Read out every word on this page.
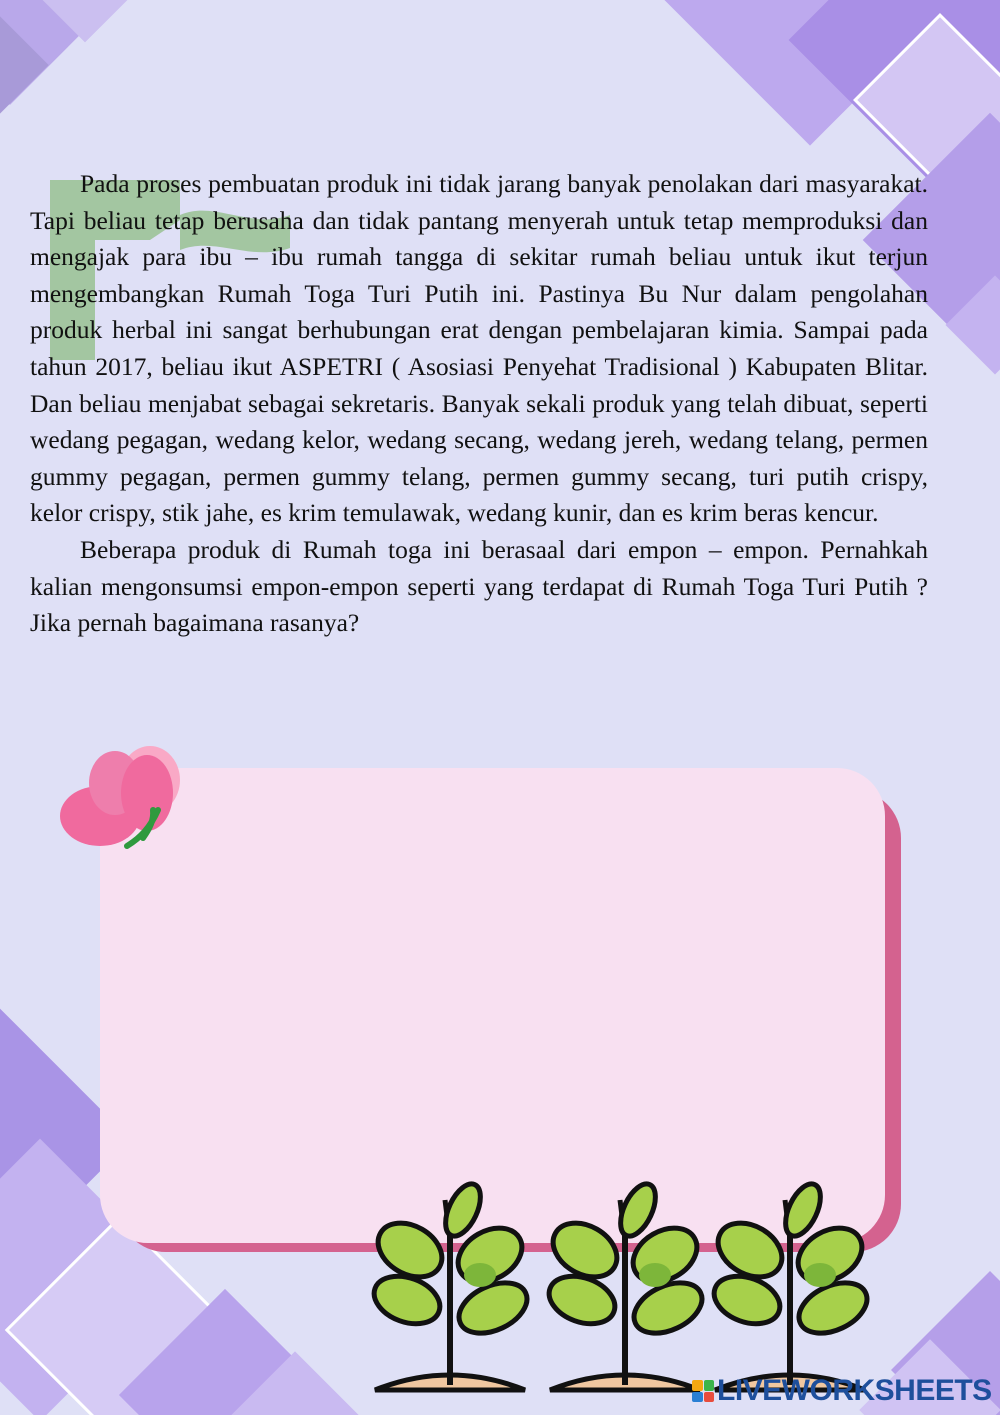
Pada proses pembuatan produk ini tidak jarang banyak penolakan dari masyarakat. Tapi beliau tetap berusaha dan tidak pantang menyerah untuk tetap memproduksi dan mengajak para ibu – ibu rumah tangga di sekitar rumah beliau untuk ikut terjun mengembangkan Rumah Toga Turi Putih ini. Pastinya Bu Nur dalam pengolahan produk herbal ini sangat berhubungan erat dengan pembelajaran kimia. Sampai pada tahun 2017, beliau ikut ASPETRI ( Asosiasi Penyehat Tradisional ) Kabupaten Blitar. Dan beliau menjabat sebagai sekretaris. Banyak sekali produk yang telah dibuat, seperti wedang pegagan, wedang kelor, wedang secang, wedang jereh, wedang telang, permen gummy pegagan, permen gummy telang, permen gummy secang, turi putih crispy, kelor crispy, stik jahe, es krim temulawak, wedang kunir, dan es krim beras kencur.

Beberapa produk di Rumah toga ini berasaal dari empon – empon. Pernahkah kalian mengonsumsi empon-empon seperti yang terdapat di Rumah Toga Turi Putih ? Jika pernah bagaimana rasanya?

LIVEWORKSHEETS
